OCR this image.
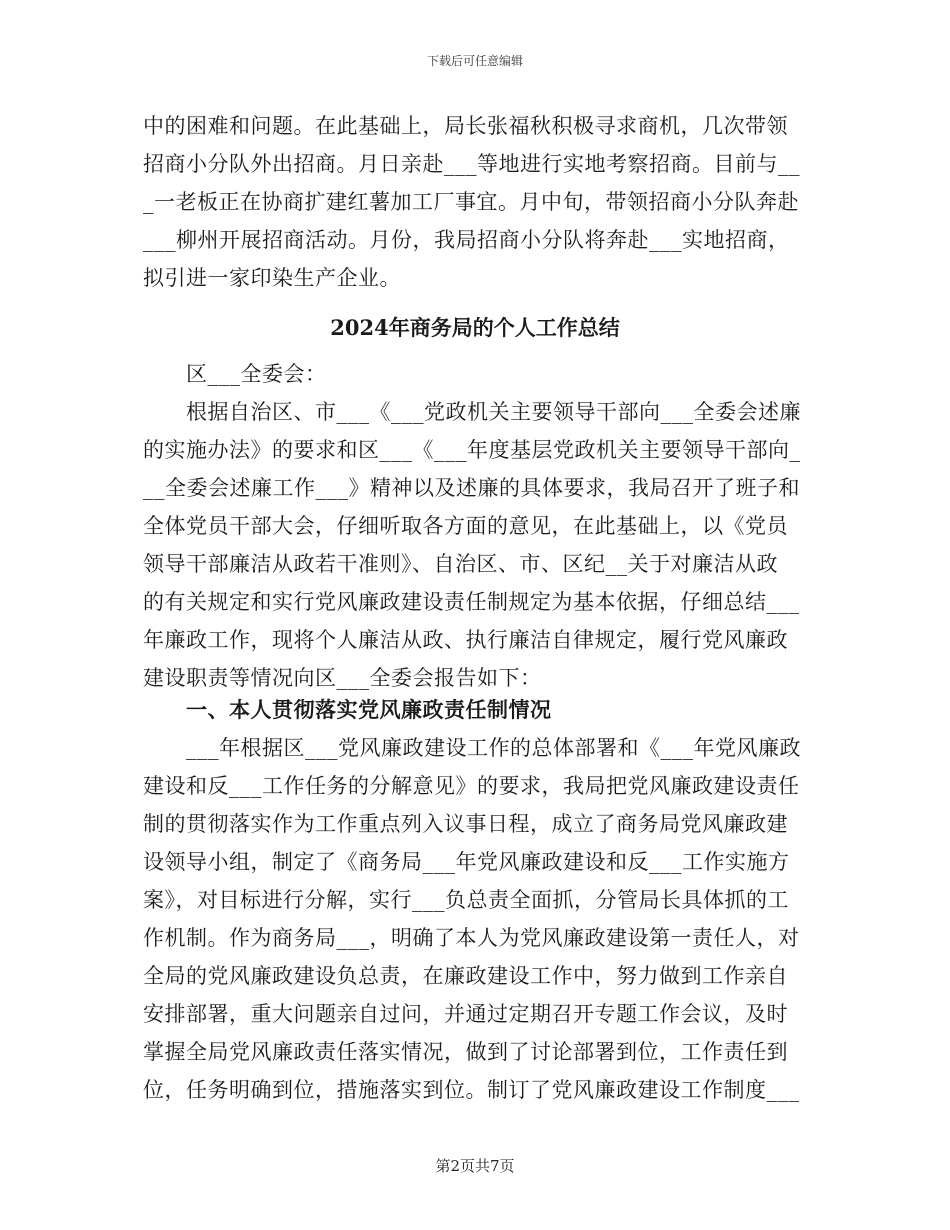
下载后可任意编辑
中的困难和问题。在此基础上，局长张福秋积极寻求商机，几次带领
招商小分队外出招商。月日亲赴___等地进行实地考察招商。目前与__
_一老板正在协商扩建红薯加工厂事宜。月中旬，带领招商小分队奔赴
___柳州开展招商活动。月份，我局招商小分队将奔赴___实地招商，
拟引进一家印染生产企业。
2024年商务局的个人工作总结
区___全委会：
根据自治区、市___《___党政机关主要领导干部向___全委会述廉
的实施办法》的要求和区___《___年度基层党政机关主要领导干部向_
__全委会述廉工作___》精神以及述廉的具体要求，我局召开了班子和
全体党员干部大会，仔细听取各方面的意见，在此基础上，以《党员
领导干部廉洁从政若干准则》、自治区、市、区纪__关于对廉洁从政
的有关规定和实行党风廉政建设责任制规定为基本依据，仔细总结___
年廉政工作，现将个人廉洁从政、执行廉洁自律规定，履行党风廉政
建设职责等情况向区___全委会报告如下：
一、本人贯彻落实党风廉政责任制情况
___年根据区___党风廉政建设工作的总体部署和《___年党风廉政
建设和反___工作任务的分解意见》的要求，我局把党风廉政建设责任
制的贯彻落实作为工作重点列入议事日程，成立了商务局党风廉政建
设领导小组，制定了《商务局___年党风廉政建设和反___工作实施方
案》，对目标进行分解，实行___负总责全面抓，分管局长具体抓的工
作机制。作为商务局___，明确了本人为党风廉政建设第一责任人，对
全局的党风廉政建设负总责，在廉政建设工作中，努力做到工作亲自
安排部署，重大问题亲自过问，并通过定期召开专题工作会议，及时
掌握全局党风廉政责任落实情况，做到了讨论部署到位，工作责任到
位，任务明确到位，措施落实到位。制订了党风廉政建设工作制度___
第2页共7页
